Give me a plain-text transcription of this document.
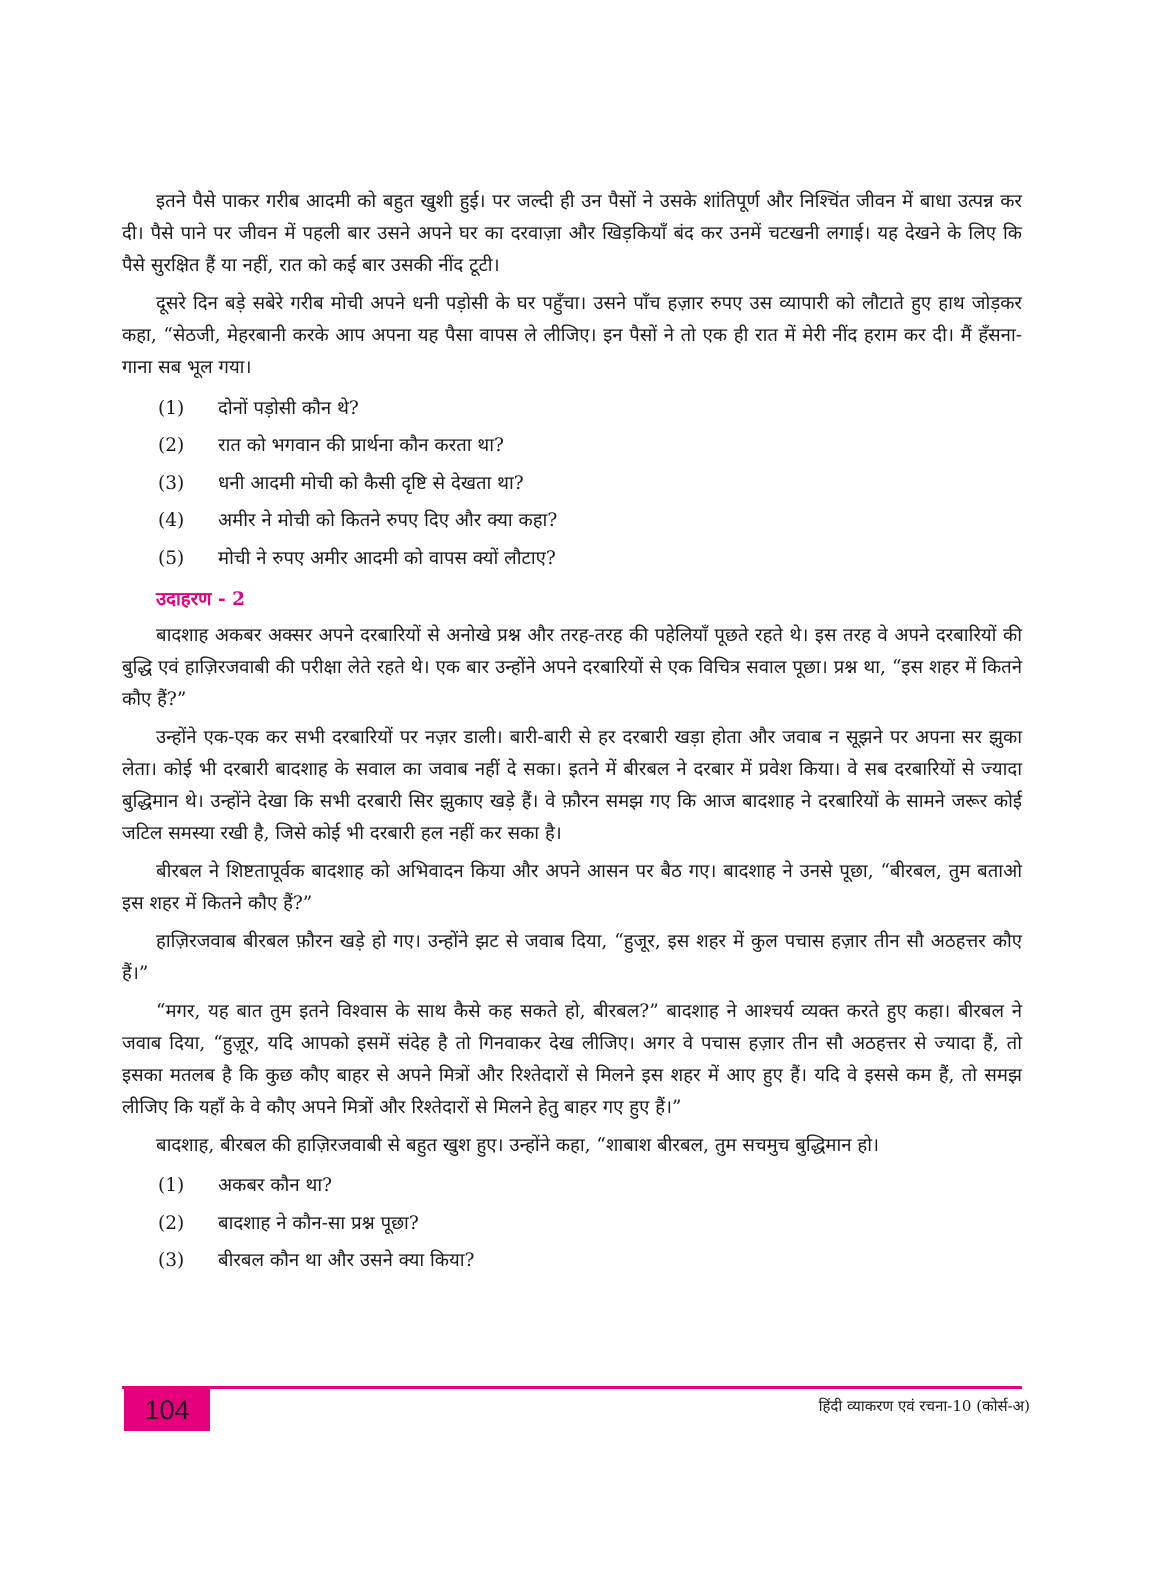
इतने पैसे पाकर गरीब आदमी को बहुत खुशी हुई। पर जल्दी ही उन पैसों ने उसके शांतिपूर्ण और निश्चिंत जीवन में बाधा उत्पन्न कर दी। पैसे पाने पर जीवन में पहली बार उसने अपने घर का दरवाज़ा और खिड़कियाँ बंद कर उनमें चटखनी लगाई। यह देखने के लिए कि पैसे सुरक्षित हैं या नहीं, रात को कई बार उसकी नींद टूटी।

दूसरे दिन बड़े सबेरे गरीब मोची अपने धनी पड़ोसी के घर पहुँचा। उसने पाँच हज़ार रुपए उस व्यापारी को लौटाते हुए हाथ जोड़कर कहा, “सेठजी, मेहरबानी करके आप अपना यह पैसा वापस ले लीजिए। इन पैसों ने तो एक ही रात में मेरी नींद हराम कर दी। मैं हँसना-गाना सब भूल गया।

(1)	दोनों पड़ोसी कौन थे?
(2)	रात को भगवान की प्रार्थना कौन करता था?
(3)	धनी आदमी मोची को कैसी दृष्टि से देखता था?
(4)	अमीर ने मोची को कितने रुपए दिए और क्या कहा?
(5)	मोची ने रुपए अमीर आदमी को वापस क्यों लौटाए?
उदाहरण - 2

बादशाह अकबर अक्सर अपने दरबारियों से अनोखे प्रश्न और तरह-तरह की पहेलियाँ पूछते रहते थे। इस तरह वे अपने दरबारियों की बुद्धि एवं हाज़िरजवाबी की परीक्षा लेते रहते थे। एक बार उन्होंने अपने दरबारियों से एक विचित्र सवाल पूछा। प्रश्न था, “इस शहर में कितने कौए हैं?”

उन्होंने एक-एक कर सभी दरबारियों पर नज़र डाली। बारी-बारी से हर दरबारी खड़ा होता और जवाब न सूझने पर अपना सर झुका लेता। कोई भी दरबारी बादशाह के सवाल का जवाब नहीं दे सका। इतने में बीरबल ने दरबार में प्रवेश किया। वे सब दरबारियों से ज्यादा बुद्धिमान थे। उन्होंने देखा कि सभी दरबारी सिर झुकाए खड़े हैं। वे फ़ौरन समझ गए कि आज बादशाह ने दरबारियों के सामने जरूर कोई जटिल समस्या रखी है, जिसे कोई भी दरबारी हल नहीं कर सका है।

बीरबल ने शिष्टतापूर्वक बादशाह को अभिवादन किया और अपने आसन पर बैठ गए। बादशाह ने उनसे पूछा, “बीरबल, तुम बताओ इस शहर में कितने कौए हैं?”

हाज़िरजवाब बीरबल फ़ौरन खड़े हो गए। उन्होंने झट से जवाब दिया, “हुजूर, इस शहर में कुल पचास हज़ार तीन सौ अठहत्तर कौए हैं।”

“मगर, यह बात तुम इतने विश्वास के साथ कैसे कह सकते हो, बीरबल?” बादशाह ने आश्चर्य व्यक्त करते हुए कहा। बीरबल ने जवाब दिया, “हुज़ूर, यदि आपको इसमें संदेह है तो गिनवाकर देख लीजिए। अगर वे पचास हज़ार तीन सौ अठहत्तर से ज्यादा हैं, तो इसका मतलब है कि कुछ कौए बाहर से अपने मित्रों और रिश्तेदारों से मिलने इस शहर में आए हुए हैं। यदि वे इससे कम हैं, तो समझ लीजिए कि यहाँ के वे कौए अपने मित्रों और रिश्तेदारों से मिलने हेतु बाहर गए हुए हैं।”

बादशाह, बीरबल की हाज़िरजवाबी से बहुत खुश हुए। उन्होंने कहा, “शाबाश बीरबल, तुम सचमुच बुद्धिमान हो।

(1)	अकबर कौन था?
(2)	बादशाह ने कौन-सा प्रश्न पूछा?
(3)	बीरबल कौन था और उसने क्या किया?
104	हिंदी व्याकरण एवं रचना-10 (कोर्स-अ)
